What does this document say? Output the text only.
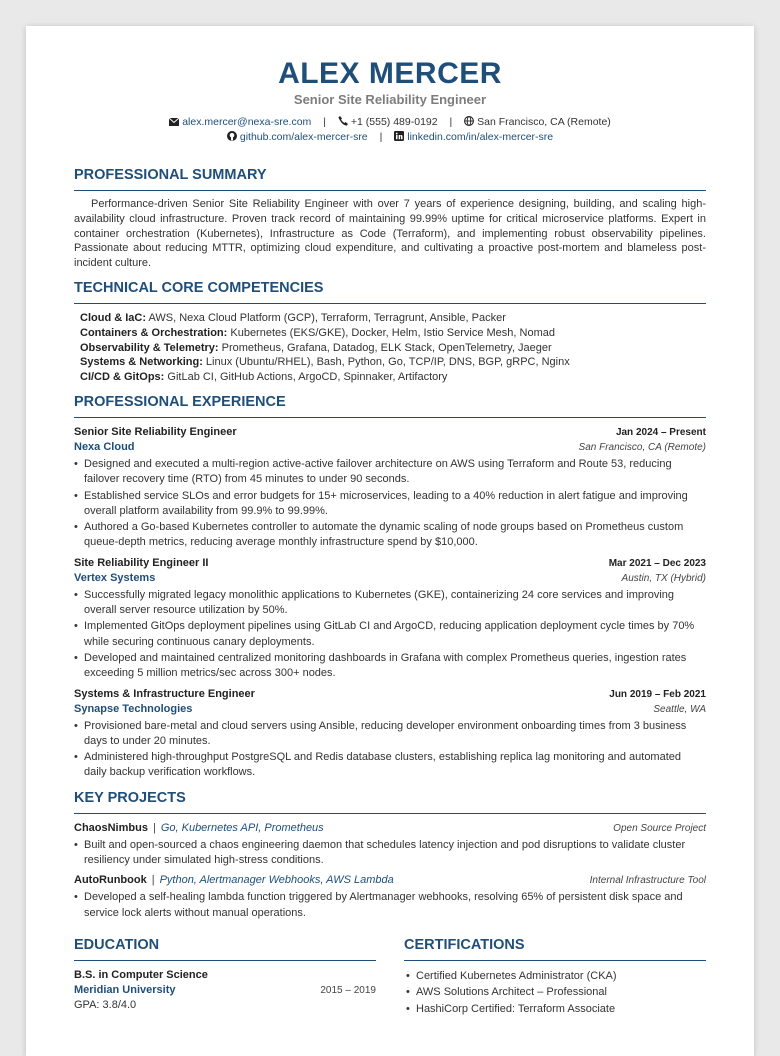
ALEX MERCER
Senior Site Reliability Engineer
alex.mercer@nexa-sre.com | +1 (555) 489-0192 | San Francisco, CA (Remote)
github.com/alex-mercer-sre | linkedin.com/in/alex-mercer-sre
PROFESSIONAL SUMMARY
Performance-driven Senior Site Reliability Engineer with over 7 years of experience designing, building, and scaling high-availability cloud infrastructure. Proven track record of maintaining 99.99% uptime for critical microservice platforms. Expert in container orchestration (Kubernetes), Infrastructure as Code (Terraform), and implementing robust observability pipelines. Passionate about reducing MTTR, optimizing cloud expenditure, and cultivating a proactive post-mortem and blameless post-incident culture.
TECHNICAL CORE COMPETENCIES
Cloud & IaC: AWS, Nexa Cloud Platform (GCP), Terraform, Terragrunt, Ansible, Packer
Containers & Orchestration: Kubernetes (EKS/GKE), Docker, Helm, Istio Service Mesh, Nomad
Observability & Telemetry: Prometheus, Grafana, Datadog, ELK Stack, OpenTelemetry, Jaeger
Systems & Networking: Linux (Ubuntu/RHEL), Bash, Python, Go, TCP/IP, DNS, BGP, gRPC, Nginx
CI/CD & GitOps: GitLab CI, GitHub Actions, ArgoCD, Spinnaker, Artifactory
PROFESSIONAL EXPERIENCE
Senior Site Reliability Engineer	Jan 2024 – Present
Nexa Cloud	San Francisco, CA (Remote)
• Designed and executed a multi-region active-active failover architecture on AWS using Terraform and Route 53, reducing failover recovery time (RTO) from 45 minutes to under 90 seconds.
• Established service SLOs and error budgets for 15+ microservices, leading to a 40% reduction in alert fatigue and improving overall platform availability from 99.9% to 99.99%.
• Authored a Go-based Kubernetes controller to automate the dynamic scaling of node groups based on Prometheus custom queue-depth metrics, reducing average monthly infrastructure spend by $10,000.
Site Reliability Engineer II	Mar 2021 – Dec 2023
Vertex Systems	Austin, TX (Hybrid)
• Successfully migrated legacy monolithic applications to Kubernetes (GKE), containerizing 24 core services and improving overall server resource utilization by 50%.
• Implemented GitOps deployment pipelines using GitLab CI and ArgoCD, reducing application deployment cycle times by 70% while securing continuous canary deployments.
• Developed and maintained centralized monitoring dashboards in Grafana with complex Prometheus queries, ingestion rates exceeding 5 million metrics/sec across 300+ nodes.
Systems & Infrastructure Engineer	Jun 2019 – Feb 2021
Synapse Technologies	Seattle, WA
• Provisioned bare-metal and cloud servers using Ansible, reducing developer environment onboarding times from 3 business days to under 20 minutes.
• Administered high-throughput PostgreSQL and Redis database clusters, establishing replica lag monitoring and automated daily backup verification workflows.
KEY PROJECTS
ChaosNimbus | Go, Kubernetes API, Prometheus	Open Source Project
• Built and open-sourced a chaos engineering daemon that schedules latency injection and pod disruptions to validate cluster resiliency under simulated high-stress conditions.
AutoRunbook | Python, Alertmanager Webhooks, AWS Lambda	Internal Infrastructure Tool
• Developed a self-healing lambda function triggered by Alertmanager webhooks, resolving 65% of persistent disk space and service lock alerts without manual operations.
EDUCATION
B.S. in Computer Science
Meridian University	2015 – 2019
GPA: 3.8/4.0
CERTIFICATIONS
• Certified Kubernetes Administrator (CKA)
• AWS Solutions Architect – Professional
• HashiCorp Certified: Terraform Associate
